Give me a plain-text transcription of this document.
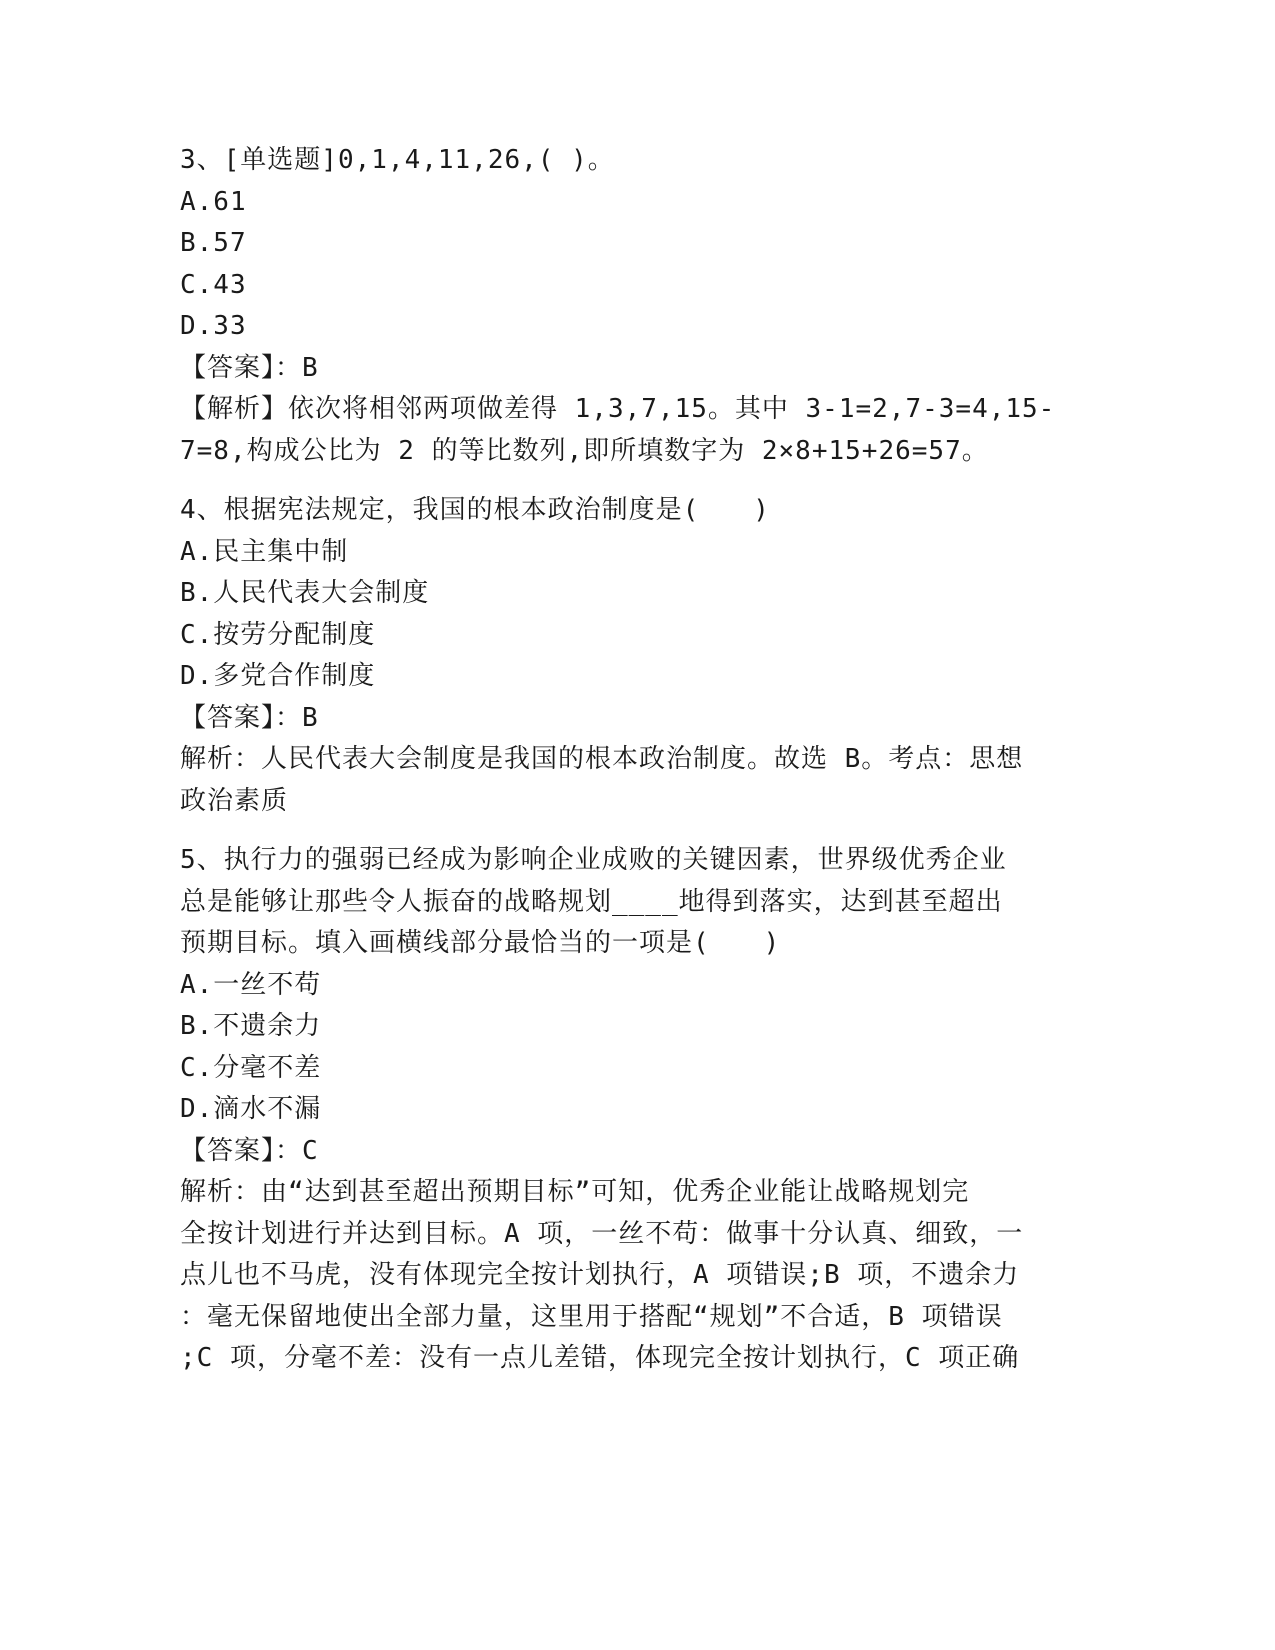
3、[单选题]0,1,4,11,26,( )。
A.61
B.57
C.43
D.33
【答案】：B
【解析】依次将相邻两项做差得 1,3,7,15。其中 3-1=2,7-3=4,15-
7=8,构成公比为 2 的等比数列,即所填数字为 2×8+15+26=57。
4、根据宪法规定，我国的根本政治制度是(　　)
A.民主集中制
B.人民代表大会制度
C.按劳分配制度
D.多党合作制度
【答案】：B
解析：人民代表大会制度是我国的根本政治制度。故选 B。考点：思想
政治素质
5、执行力的强弱已经成为影响企业成败的关键因素，世界级优秀企业
总是能够让那些令人振奋的战略规划____地得到落实，达到甚至超出
预期目标。填入画横线部分最恰当的一项是(　　)
A.一丝不苟
B.不遗余力
C.分毫不差
D.滴水不漏
【答案】：C
解析：由“达到甚至超出预期目标”可知，优秀企业能让战略规划完
全按计划进行并达到目标。A 项，一丝不苟：做事十分认真、细致，一
点儿也不马虎，没有体现完全按计划执行，A 项错误;B 项，不遗余力
：毫无保留地使出全部力量，这里用于搭配“规划”不合适，B 项错误
;C 项，分毫不差：没有一点儿差错，体现完全按计划执行，C 项正确
